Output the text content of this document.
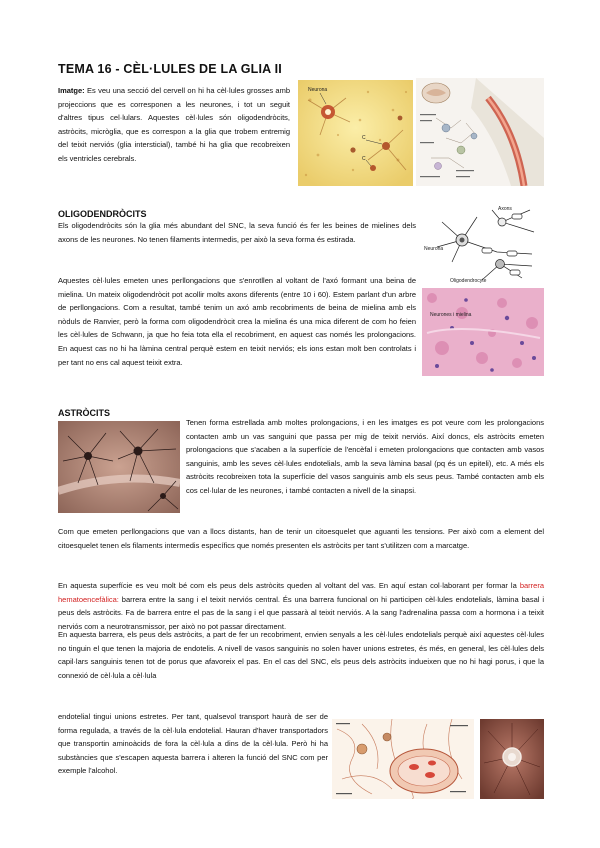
TEMA 16 - CÈL·LULES DE LA GLIA II

Imatge: Es veu una secció del cervell on hi ha cèl·lules grosses amb projeccions que es corresponen a les neurones, i tot un seguit d'altres tipus cel·lulars. Aquestes cèl·lules són oligodendròcits, astròcits, micròglia, que es correspon a la glia que trobem entremig del teixit nerviós (glia intersticial), també hi ha glia que recobreixen els ventricles cerebrals.

Neurona
C
C
OLIGODENDRÒCITS

Els oligodendròcits són la glia més abundant del SNC, la seva funció és fer les beines de mielines dels axons de les neurones. No tenen filaments intermedis, per això la seva forma és estirada.

Aquestes cèl·lules emeten unes perllongacions que s'enrotllen al voltant de l'axó formant una beina de mielina. Un mateix oligodendròcit pot acollir molts axons diferents (entre 10 i 60). Estem parlant d'un arbre de perllongacions. Com a resultat, també tenim un axó amb recobriments de beina de mielina amb els nòduls de Ranvier, però la forma com oligodendròcit crea la mielina és una mica diferent de com ho feien les cèl·lules de Schwann, ja que ho feia tota ella el recobriment, en aquest cas només les prolongacions. En aquest cas no hi ha làmina central perquè estem en teixit nerviós; els ions estan molt ben controlats i per tant no ens cal aquest teixit extra.

Axons
Neurona
Oligodendrocyte
Neurones i mielina
ASTRÒCITS

Tenen forma estrellada amb moltes prolongacions, i en les imatges es pot veure com les prolongacions contacten amb un vas sanguini que passa per mig de teixit nerviós. Així doncs, els astròcits emeten prolongacions que s'acaben a la superfície de l'encèfal i emeten prolongacions que contacten amb vasos sanguinis, amb les seves cèl·lules endotelials, amb la seva làmina basal (pq és un epiteli), etc. A més els astròcits recobreixen tota la superfície del vasos sanguinis amb els seus peus. També contacten amb els cos cel·lular de les neurones, i també contacten a nivell de la sinapsi.

Com que emeten perllongacions que van a llocs distants, han de tenir un citoesquelet que aguanti les tensions. Per això com a element del citoesquelet tenen els filaments intermedis específics que només presenten els astròcits per tant s'utilitzen com a marcatge.

En aquesta superfície es veu molt bé com els peus dels astròcits queden al voltant del vas. En aquí estan col·laborant per formar la barrera hematoencefàlica: barrera entre la sang i el teixit nerviós central. És una barrera funcional on hi participen cèl·lules endotelials, làmina basal i peus dels astròcits. Fa de barrera entre el pas de la sang i el que passarà al teixit nerviós. A la sang l'adrenalina passa com a hormona i a teixit nerviós com a neurotransmissor, per això no pot passar directament.

En aquesta barrera, els peus dels astròcits, a part de fer un recobriment, envien senyals a les cèl·lules endotelials perquè així aquestes cèl·lules no tinguin el que tenen la majoria de endotelis. A nivell de vasos sanguinis no solen haver unions estretes, és més, en general, les cèl·lules dels capil·lars sanguinis tenen tot de porus que afavoreix el pas. En el cas del SNC, els peus dels astròcits indueixen que no hi hagi porus, i que la connexió de cèl·lula a cèl·lula

endotelial tingui unions estretes. Per tant, qualsevol transport haurà de ser de forma regulada, a través de la cèl·lula endotelial. Hauran d'haver transportadors que transportin aminoàcids de fora la cèl·lula a dins de la cèl·lula. Però hi ha substàncies que s'escapen aquesta barrera i alteren la funció del SNC com per exemple l'alcohol.
